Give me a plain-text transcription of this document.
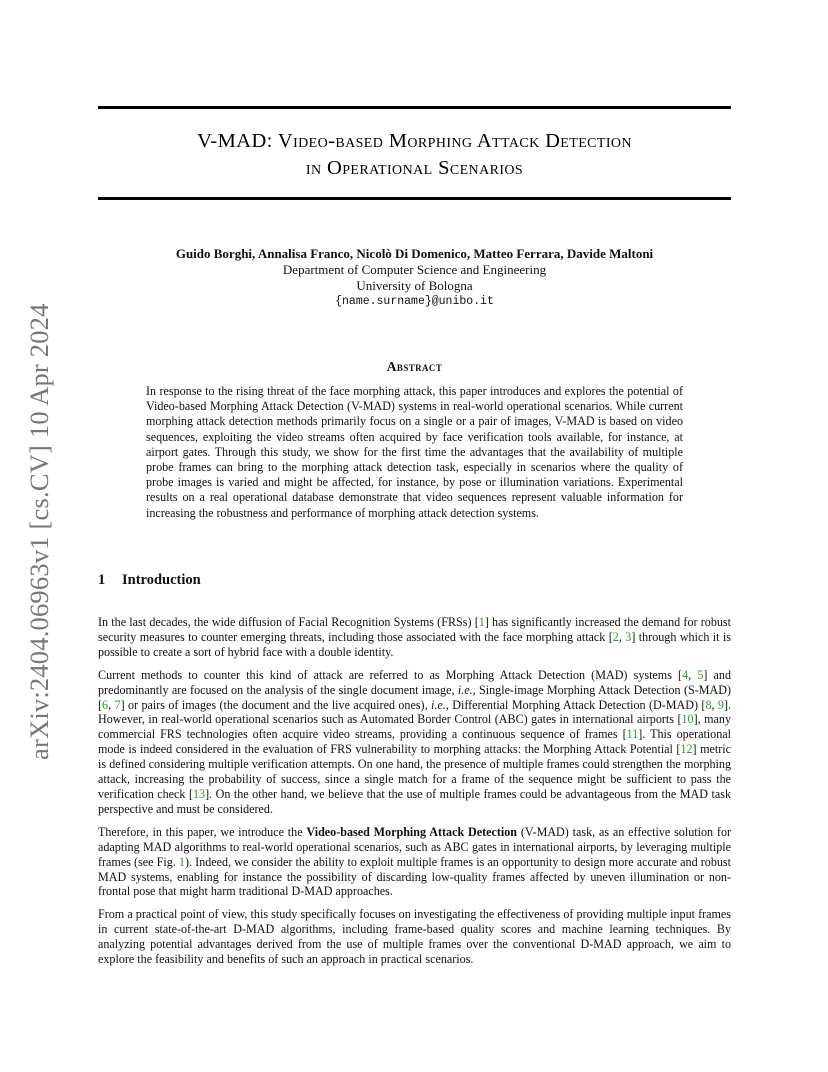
arXiv:2404.06963v1 [cs.CV] 10 Apr 2024
V-MAD: Video-based Morphing Attack Detection
in Operational Scenarios
Guido Borghi, Annalisa Franco, Nicolò Di Domenico, Matteo Ferrara, Davide Maltoni
Department of Computer Science and Engineering
University of Bologna
{name.surname}@unibo.it
Abstract
In response to the rising threat of the face morphing attack, this paper introduces and explores the potential of Video-based Morphing Attack Detection (V-MAD) systems in real-world operational scenarios. While current morphing attack detection methods primarily focus on a single or a pair of images, V-MAD is based on video sequences, exploiting the video streams often acquired by face verification tools available, for instance, at airport gates. Through this study, we show for the first time the advantages that the availability of multiple probe frames can bring to the morphing attack detection task, especially in scenarios where the quality of probe images is varied and might be affected, for instance, by pose or illumination variations. Experimental results on a real operational database demonstrate that video sequences represent valuable information for increasing the robustness and performance of morphing attack detection systems.
1 Introduction

In the last decades, the wide diffusion of Facial Recognition Systems (FRSs) [1] has significantly increased the demand for robust security measures to counter emerging threats, including those associated with the face morphing attack [2, 3] through which it is possible to create a sort of hybrid face with a double identity.

Current methods to counter this kind of attack are referred to as Morphing Attack Detection (MAD) systems [4, 5] and predominantly are focused on the analysis of the single document image, i.e., Single-image Morphing Attack Detection (S-MAD) [6, 7] or pairs of images (the document and the live acquired ones), i.e., Differential Morphing Attack Detection (D-MAD) [8, 9]. However, in real-world operational scenarios such as Automated Border Control (ABC) gates in international airports [10], many commercial FRS technologies often acquire video streams, providing a continuous sequence of frames [11]. This operational mode is indeed considered in the evaluation of FRS vulnerability to morphing attacks: the Morphing Attack Potential [12] metric is defined considering multiple verification attempts. On one hand, the presence of multiple frames could strengthen the morphing attack, increasing the probability of success, since a single match for a frame of the sequence might be sufficient to pass the verification check [13]. On the other hand, we believe that the use of multiple frames could be advantageous from the MAD task perspective and must be considered.

Therefore, in this paper, we introduce the Video-based Morphing Attack Detection (V-MAD) task, as an effective solution for adapting MAD algorithms to real-world operational scenarios, such as ABC gates in international airports, by leveraging multiple frames (see Fig. 1). Indeed, we consider the ability to exploit multiple frames is an opportunity to design more accurate and robust MAD systems, enabling for instance the possibility of discarding low-quality frames affected by uneven illumination or non-frontal pose that might harm traditional D-MAD approaches.

From a practical point of view, this study specifically focuses on investigating the effectiveness of providing multiple input frames in current state-of-the-art D-MAD algorithms, including frame-based quality scores and machine learning techniques. By analyzing potential advantages derived from the use of multiple frames over the conventional D-MAD approach, we aim to explore the feasibility and benefits of such an approach in practical scenarios.
